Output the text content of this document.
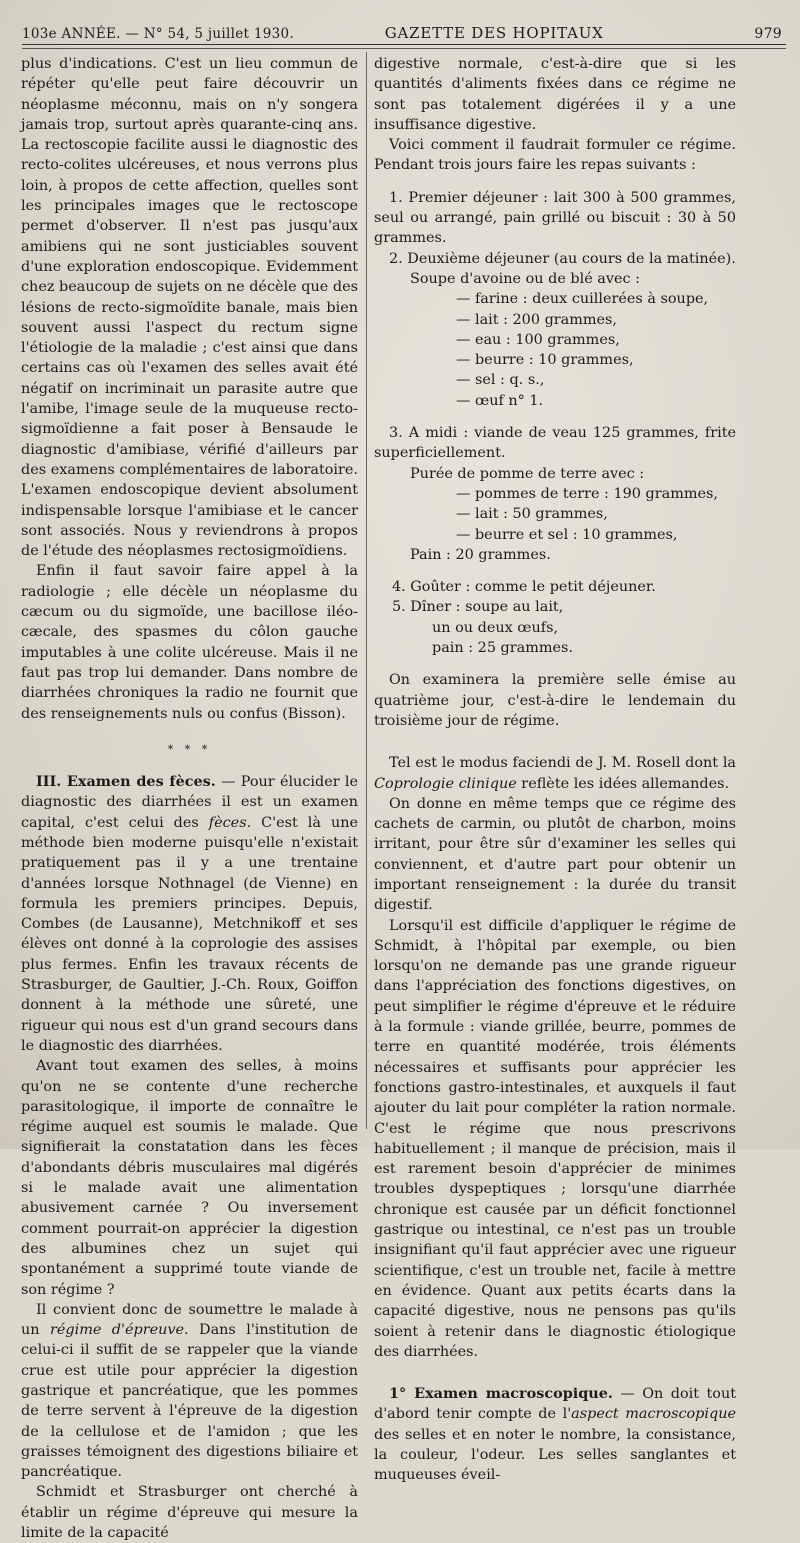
103e ANNÉE. — N° 54, 5 juillet 1930.	GAZETTE DES HOPITAUX	979

plus d'indications. C'est un lieu commun de répéter qu'elle peut faire découvrir un néoplasme méconnu, mais on n'y songera jamais trop, surtout après quarante-cinq ans. La rectoscopie facilite aussi le diagnostic des recto-colites ulcéreuses, et nous verrons plus loin, à propos de cette affection, quelles sont les principales images que le rectoscope permet d'observer. Il n'est pas jusqu'aux amibiens qui ne sont justiciables souvent d'une exploration endoscopique. Evidemment chez beaucoup de sujets on ne décèle que des lésions de recto-sigmoïdite banale, mais bien souvent aussi l'aspect du rectum signe l'étiologie de la maladie ; c'est ainsi que dans certains cas où l'examen des selles avait été négatif on incriminait un parasite autre que l'amibe, l'image seule de la muqueuse recto-sigmoïdienne a fait poser à Bensaude le diagnostic d'amibiase, vérifié d'ailleurs par des examens complémentaires de laboratoire. L'examen endoscopique devient absolument indispensable lorsque l'amibiase et le cancer sont associés. Nous y reviendrons à propos de l'étude des néoplasmes rectosigmoïdiens.

Enfin il faut savoir faire appel à la radiologie ; elle décèle un néoplasme du cæcum ou du sigmoïde, une bacillose iléo-cæcale, des spasmes du côlon gauche imputables à une colite ulcéreuse. Mais il ne faut pas trop lui demander. Dans nombre de diarrhées chroniques la radio ne fournit que des renseignements nuls ou confus (Bisson).

* * *

III. Examen des fèces. — Pour élucider le diagnostic des diarrhées il est un examen capital, c'est celui des fèces. C'est là une méthode bien moderne puisqu'elle n'existait pratiquement pas il y a une trentaine d'années lorsque Nothnagel (de Vienne) en formula les premiers principes. Depuis, Combes (de Lausanne), Metchnikoff et ses élèves ont donné à la coprologie des assises plus fermes. Enfin les travaux récents de Strasburger, de Gaultier, J.-Ch. Roux, Goiffon donnent à la méthode une sûreté, une rigueur qui nous est d'un grand secours dans le diagnostic des diarrhées.

Avant tout examen des selles, à moins qu'on ne se contente d'une recherche parasitologique, il importe de connaître le régime auquel est soumis le malade. Que signifierait la constatation dans les fèces d'abondants débris musculaires mal digérés si le malade avait une alimentation abusivement carnée ? Ou inversement comment pourrait-on apprécier la digestion des albumines chez un sujet qui spontanément a supprimé toute viande de son régime ?

Il convient donc de soumettre le malade à un régime d'épreuve. Dans l'institution de celui-ci il suffit de se rappeler que la viande crue est utile pour apprécier la digestion gastrique et pancréatique, que les pommes de terre servent à l'épreuve de la digestion de la cellulose et de l'amidon ; que les graisses témoignent des digestions biliaire et pancréatique.

Schmidt et Strasburger ont cherché à établir un régime d'épreuve qui mesure la limite de la capacité

digestive normale, c'est-à-dire que si les quantités d'aliments fixées dans ce régime ne sont pas totalement digérées il y a une insuffisance digestive.

Voici comment il faudrait formuler ce régime. Pendant trois jours faire les repas suivants :

1. Premier déjeuner : lait 300 à 500 grammes, seul ou arrangé, pain grillé ou biscuit : 30 à 50 grammes.

2. Deuxième déjeuner (au cours de la matinée).

Soupe d'avoine ou de blé avec :
— farine : deux cuillerées à soupe,
— lait : 200 grammes,
— eau : 100 grammes,
— beurre : 10 grammes,
— sel : q. s.,
— œuf n° 1.

3. A midi : viande de veau 125 grammes, frite superficiellement.

Purée de pomme de terre avec :
— pommes de terre : 190 grammes,
— lait : 50 grammes,
— beurre et sel : 10 grammes,
Pain : 20 grammes.
4. Goûter : comme le petit déjeuner.
5. Dîner : soupe au lait,
un ou deux œufs,
pain : 25 grammes.

On examinera la première selle émise au quatrième jour, c'est-à-dire le lendemain du troisième jour de régime.

Tel est le modus faciendi de J. M. Rosell dont la Coprologie clinique reflète les idées allemandes.

On donne en même temps que ce régime des cachets de carmin, ou plutôt de charbon, moins irritant, pour être sûr d'examiner les selles qui conviennent, et d'autre part pour obtenir un important renseignement : la durée du transit digestif.

Lorsqu'il est difficile d'appliquer le régime de Schmidt, à l'hôpital par exemple, ou bien lorsqu'on ne demande pas une grande rigueur dans l'appréciation des fonctions digestives, on peut simplifier le régime d'épreuve et le réduire à la formule : viande grillée, beurre, pommes de terre en quantité modérée, trois éléments nécessaires et suffisants pour apprécier les fonctions gastro-intestinales, et auxquels il faut ajouter du lait pour compléter la ration normale. C'est le régime que nous prescrivons habituellement ; il manque de précision, mais il est rarement besoin d'apprécier de minimes troubles dyspeptiques ; lorsqu'une diarrhée chronique est causée par un déficit fonctionnel gastrique ou intestinal, ce n'est pas un trouble insignifiant qu'il faut apprécier avec une rigueur scientifique, c'est un trouble net, facile à mettre en évidence. Quant aux petits écarts dans la capacité digestive, nous ne pensons pas qu'ils soient à retenir dans le diagnostic étiologique des diarrhées.

1° Examen macroscopique. — On doit tout d'abord tenir compte de l'aspect macroscopique des selles et en noter le nombre, la consistance, la couleur, l'odeur. Les selles sanglantes et muqueuses éveil-
